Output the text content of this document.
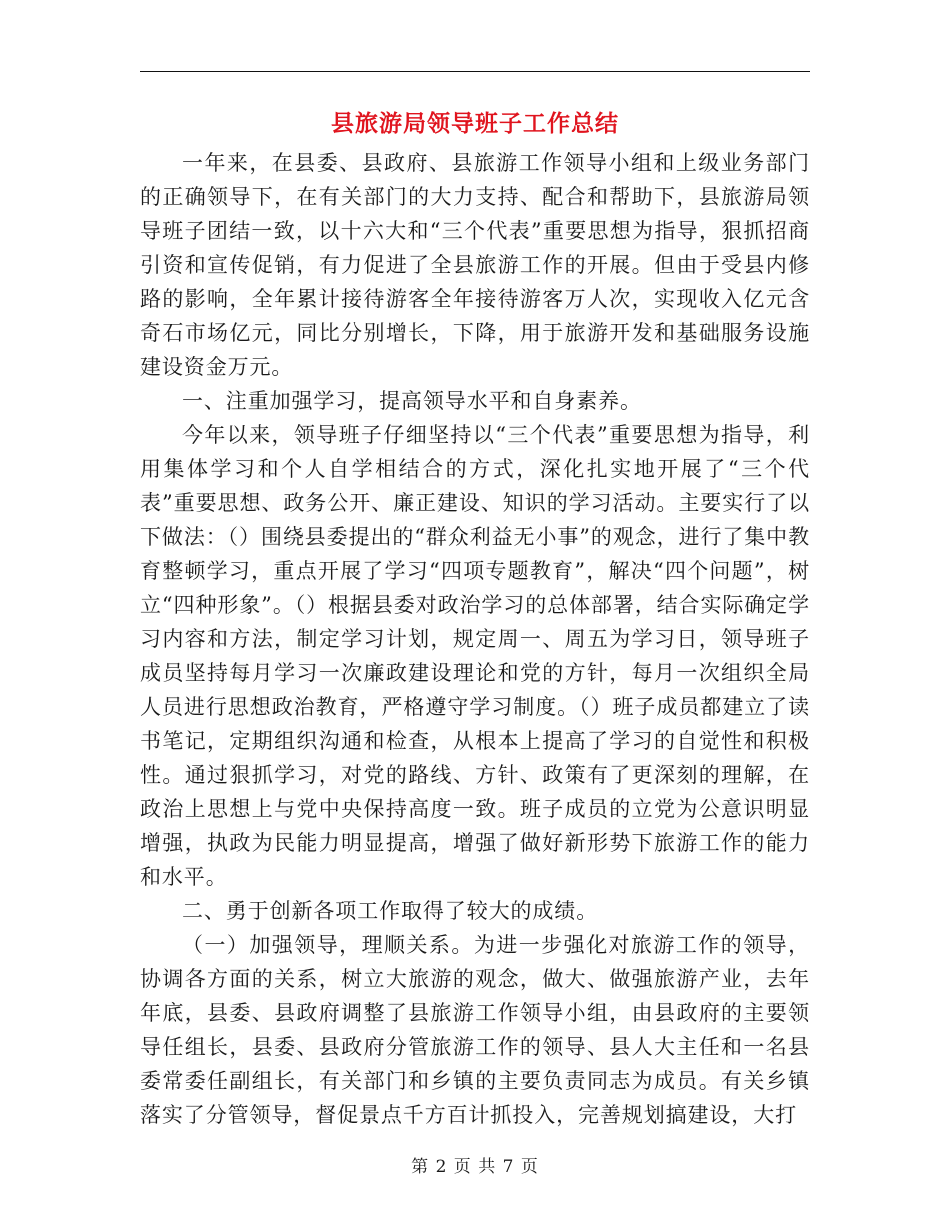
县旅游局领导班子工作总结

一年来，在县委、县政府、县旅游工作领导小组和上级业务部门的正确领导下，在有关部门的大力支持、配合和帮助下，县旅游局领导班子团结一致，以十六大和“三个代表”重要思想为指导，狠抓招商引资和宣传促销，有力促进了全县旅游工作的开展。但由于受县内修路的影响，全年累计接待游客全年接待游客万人次，实现收入亿元含奇石市场亿元，同比分别增长，下降，用于旅游开发和基础服务设施建设资金万元。

一、注重加强学习，提高领导水平和自身素养。

今年以来，领导班子仔细坚持以“三个代表”重要思想为指导，利用集体学习和个人自学相结合的方式，深化扎实地开展了“三个代表”重要思想、政务公开、廉正建设、知识的学习活动。主要实行了以下做法：（）围绕县委提出的“群众利益无小事”的观念，进行了集中教育整顿学习，重点开展了学习“四项专题教育”，解决“四个问题”，树立“四种形象”。（）根据县委对政治学习的总体部署，结合实际确定学习内容和方法，制定学习计划，规定周一、周五为学习日，领导班子成员坚持每月学习一次廉政建设理论和党的方针，每月一次组织全局人员进行思想政治教育，严格遵守学习制度。（）班子成员都建立了读书笔记，定期组织沟通和检查，从根本上提高了学习的自觉性和积极性。通过狠抓学习，对党的路线、方针、政策有了更深刻的理解，在政治上思想上与党中央保持高度一致。班子成员的立党为公意识明显增强，执政为民能力明显提高，增强了做好新形势下旅游工作的能力和水平。

二、勇于创新各项工作取得了较大的成绩。

（一）加强领导，理顺关系。为进一步强化对旅游工作的领导，协调各方面的关系，树立大旅游的观念，做大、做强旅游产业，去年年底，县委、县政府调整了县旅游工作领导小组，由县政府的主要领导任组长，县委、县政府分管旅游工作的领导、县人大主任和一名县委常委任副组长，有关部门和乡镇的主要负责同志为成员。有关乡镇落实了分管领导，督促景点千方百计抓投入，完善规划搞建设，大打

第 2 页 共 7 页
